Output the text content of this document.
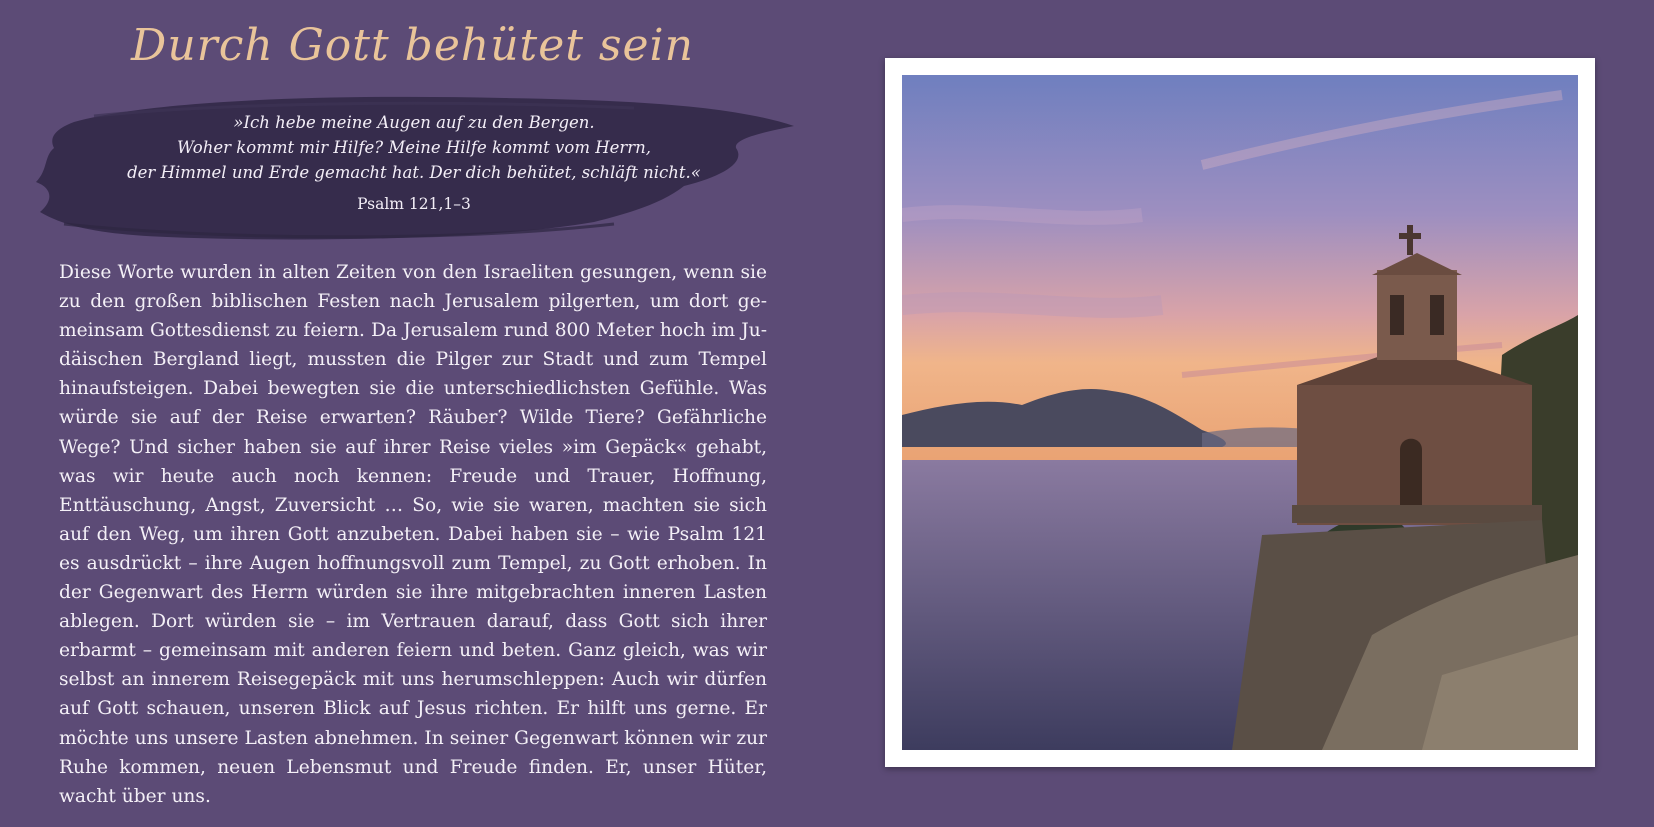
Durch Gott behütet sein
»Ich hebe meine Augen auf zu den Bergen.
Woher kommt mir Hilfe? Meine Hilfe kommt vom Herrn,
der Himmel und Erde gemacht hat. Der dich behütet, schläft nicht.«
Psalm 121,1–3
Diese Worte wurden in alten Zeiten von den Israeliten gesungen, wenn sie zu den großen biblischen Festen nach Jerusalem pilgerten, um dort gemeinsam Gottesdienst zu feiern. Da Jerusalem rund 800 Meter hoch im Judäischen Bergland liegt, mussten die Pilger zur Stadt und zum Tempel hinaufsteigen. Dabei bewegten sie die unterschiedlichsten Gefühle. Was würde sie auf der Reise erwarten? Räuber? Wilde Tiere? Gefährliche Wege? Und sicher haben sie auf ihrer Reise vieles »im Gepäck« gehabt, was wir heute auch noch kennen: Freude und Trauer, Hoffnung, Enttäuschung, Angst, Zuversicht … So, wie sie waren, machten sie sich auf den Weg, um ihren Gott anzubeten. Dabei haben sie – wie Psalm 121 es ausdrückt – ihre Augen hoffnungsvoll zum Tempel, zu Gott erhoben. In der Gegenwart des Herrn würden sie ihre mitgebrachten inneren Lasten ablegen. Dort würden sie – im Vertrauen darauf, dass Gott sich ihrer erbarmt – gemeinsam mit anderen feiern und beten. Ganz gleich, was wir selbst an innerem Reisegepäck mit uns herumschleppen: Auch wir dürfen auf Gott schauen, unseren Blick auf Jesus richten. Er hilft uns gerne. Er möchte uns unsere Lasten abnehmen. In seiner Gegenwart können wir zur Ruhe kommen, neuen Lebensmut und Freude finden. Er, unser Hüter, wacht über uns.
